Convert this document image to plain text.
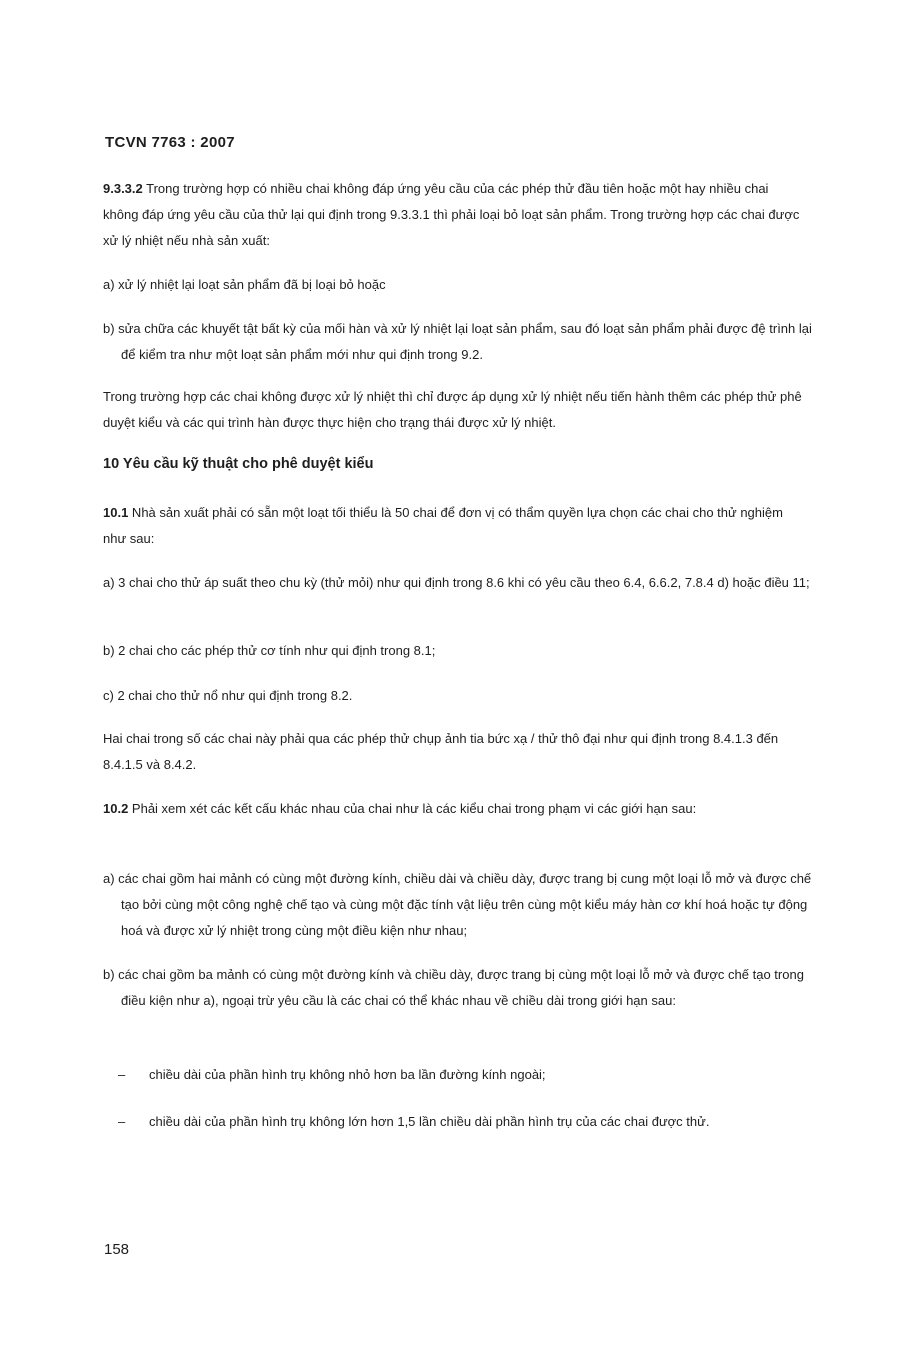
TCVN 7763 : 2007

9.3.3.2 Trong trường hợp có nhiều chai không đáp ứng yêu cầu của các phép thử đầu tiên hoặc một hay nhiều chai không đáp ứng yêu cầu của thử lại qui định trong 9.3.3.1 thì phải loại bỏ loạt sản phẩm. Trong trường hợp các chai được xử lý nhiệt nếu nhà sản xuất:

a) xử lý nhiệt lại loạt sản phẩm đã bị loại bỏ hoặc

b) sửa chữa các khuyết tật bất kỳ của mối hàn và xử lý nhiệt lại loạt sản phẩm, sau đó loạt sản phẩm phải được đệ trình lại để kiểm tra như một loạt sản phẩm mới như qui định trong 9.2.

Trong trường hợp các chai không được xử lý nhiệt thì chỉ được áp dụng xử lý nhiệt nếu tiến hành thêm các phép thử phê duyệt kiểu và các qui trình hàn được thực hiện cho trạng thái được xử lý nhiệt.

10 Yêu cầu kỹ thuật cho phê duyệt kiểu

10.1 Nhà sản xuất phải có sẵn một loạt tối thiểu là 50 chai để đơn vị có thẩm quyền lựa chọn các chai cho thử nghiệm như sau:

a) 3 chai cho thử áp suất theo chu kỳ (thử mỏi) như qui định trong 8.6 khi có yêu cầu theo 6.4, 6.6.2, 7.8.4 d) hoặc điều 11;

b) 2 chai cho các phép thử cơ tính như qui định trong 8.1;

c) 2 chai cho thử nổ như qui định trong 8.2.

Hai chai trong số các chai này phải qua các phép thử chụp ảnh tia bức xạ / thử thô đại như qui định trong 8.4.1.3 đến 8.4.1.5 và 8.4.2.

10.2 Phải xem xét các kết cấu khác nhau của chai như là các kiểu chai trong phạm vi các giới hạn sau:

a) các chai gồm hai mảnh có cùng một đường kính, chiều dài và chiều dày, được trang bị cung một loại lỗ mở và được chế tạo bởi cùng một công nghệ chế tạo và cùng một đặc tính vật liệu trên cùng một kiểu máy hàn cơ khí hoá hoặc tự động hoá và được xử lý nhiệt trong cùng một điều kiện như nhau;

b) các chai gồm ba mảnh có cùng một đường kính và chiều dày, được trang bị cùng một loại lỗ mở và được chế tạo trong điều kiện như a), ngoại trừ yêu cầu là các chai có thể khác nhau về chiều dài trong giới hạn sau:

– chiều dài của phần hình trụ không nhỏ hơn ba lần đường kính ngoài;
– chiều dài của phần hình trụ không lớn hơn 1,5 lần chiều dài phần hình trụ của các chai được thử.
158
